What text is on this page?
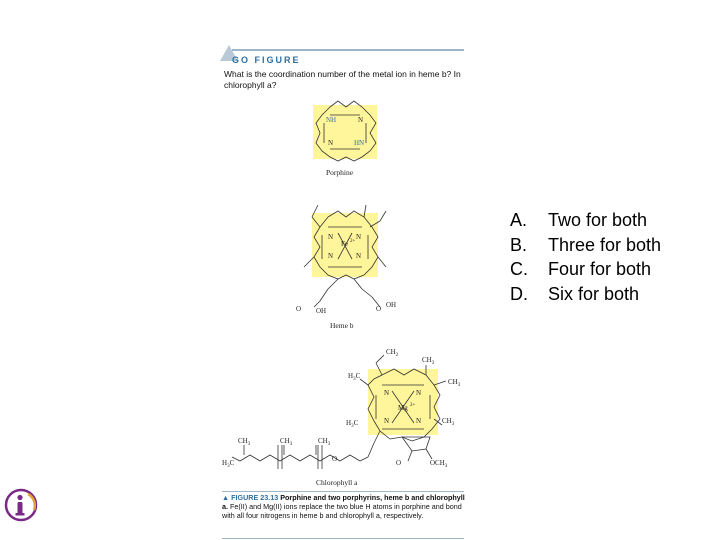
GO FIGURE
What is the coordination number of the metal ion in heme b? In chlorophyll a?
NH	N
N	HN
Porphine
Fe 2+
N	N
N	N
O OH	O OH
Heme b
Mg 2+
N	N
N	N
$CH_2$
$CH_3$
$CH_3$
$CH_3$
$H_3C$
$H_3C$
O	$OCH_3$
$H_3C$
$CH_3$	$CH_3$	$CH_3$
O
Chlorophyll a
▲ FIGURE 23.13 Porphine and two porphyrins, heme b and chlorophyll a. Fe(II) and Mg(II) ions replace the two blue H atoms in porphine and bond with all four nitrogens in heme b and chlorophyll a, respectively.
A.	Two for both
B.	Three for both
C.	Four for both
D.	Six for both
